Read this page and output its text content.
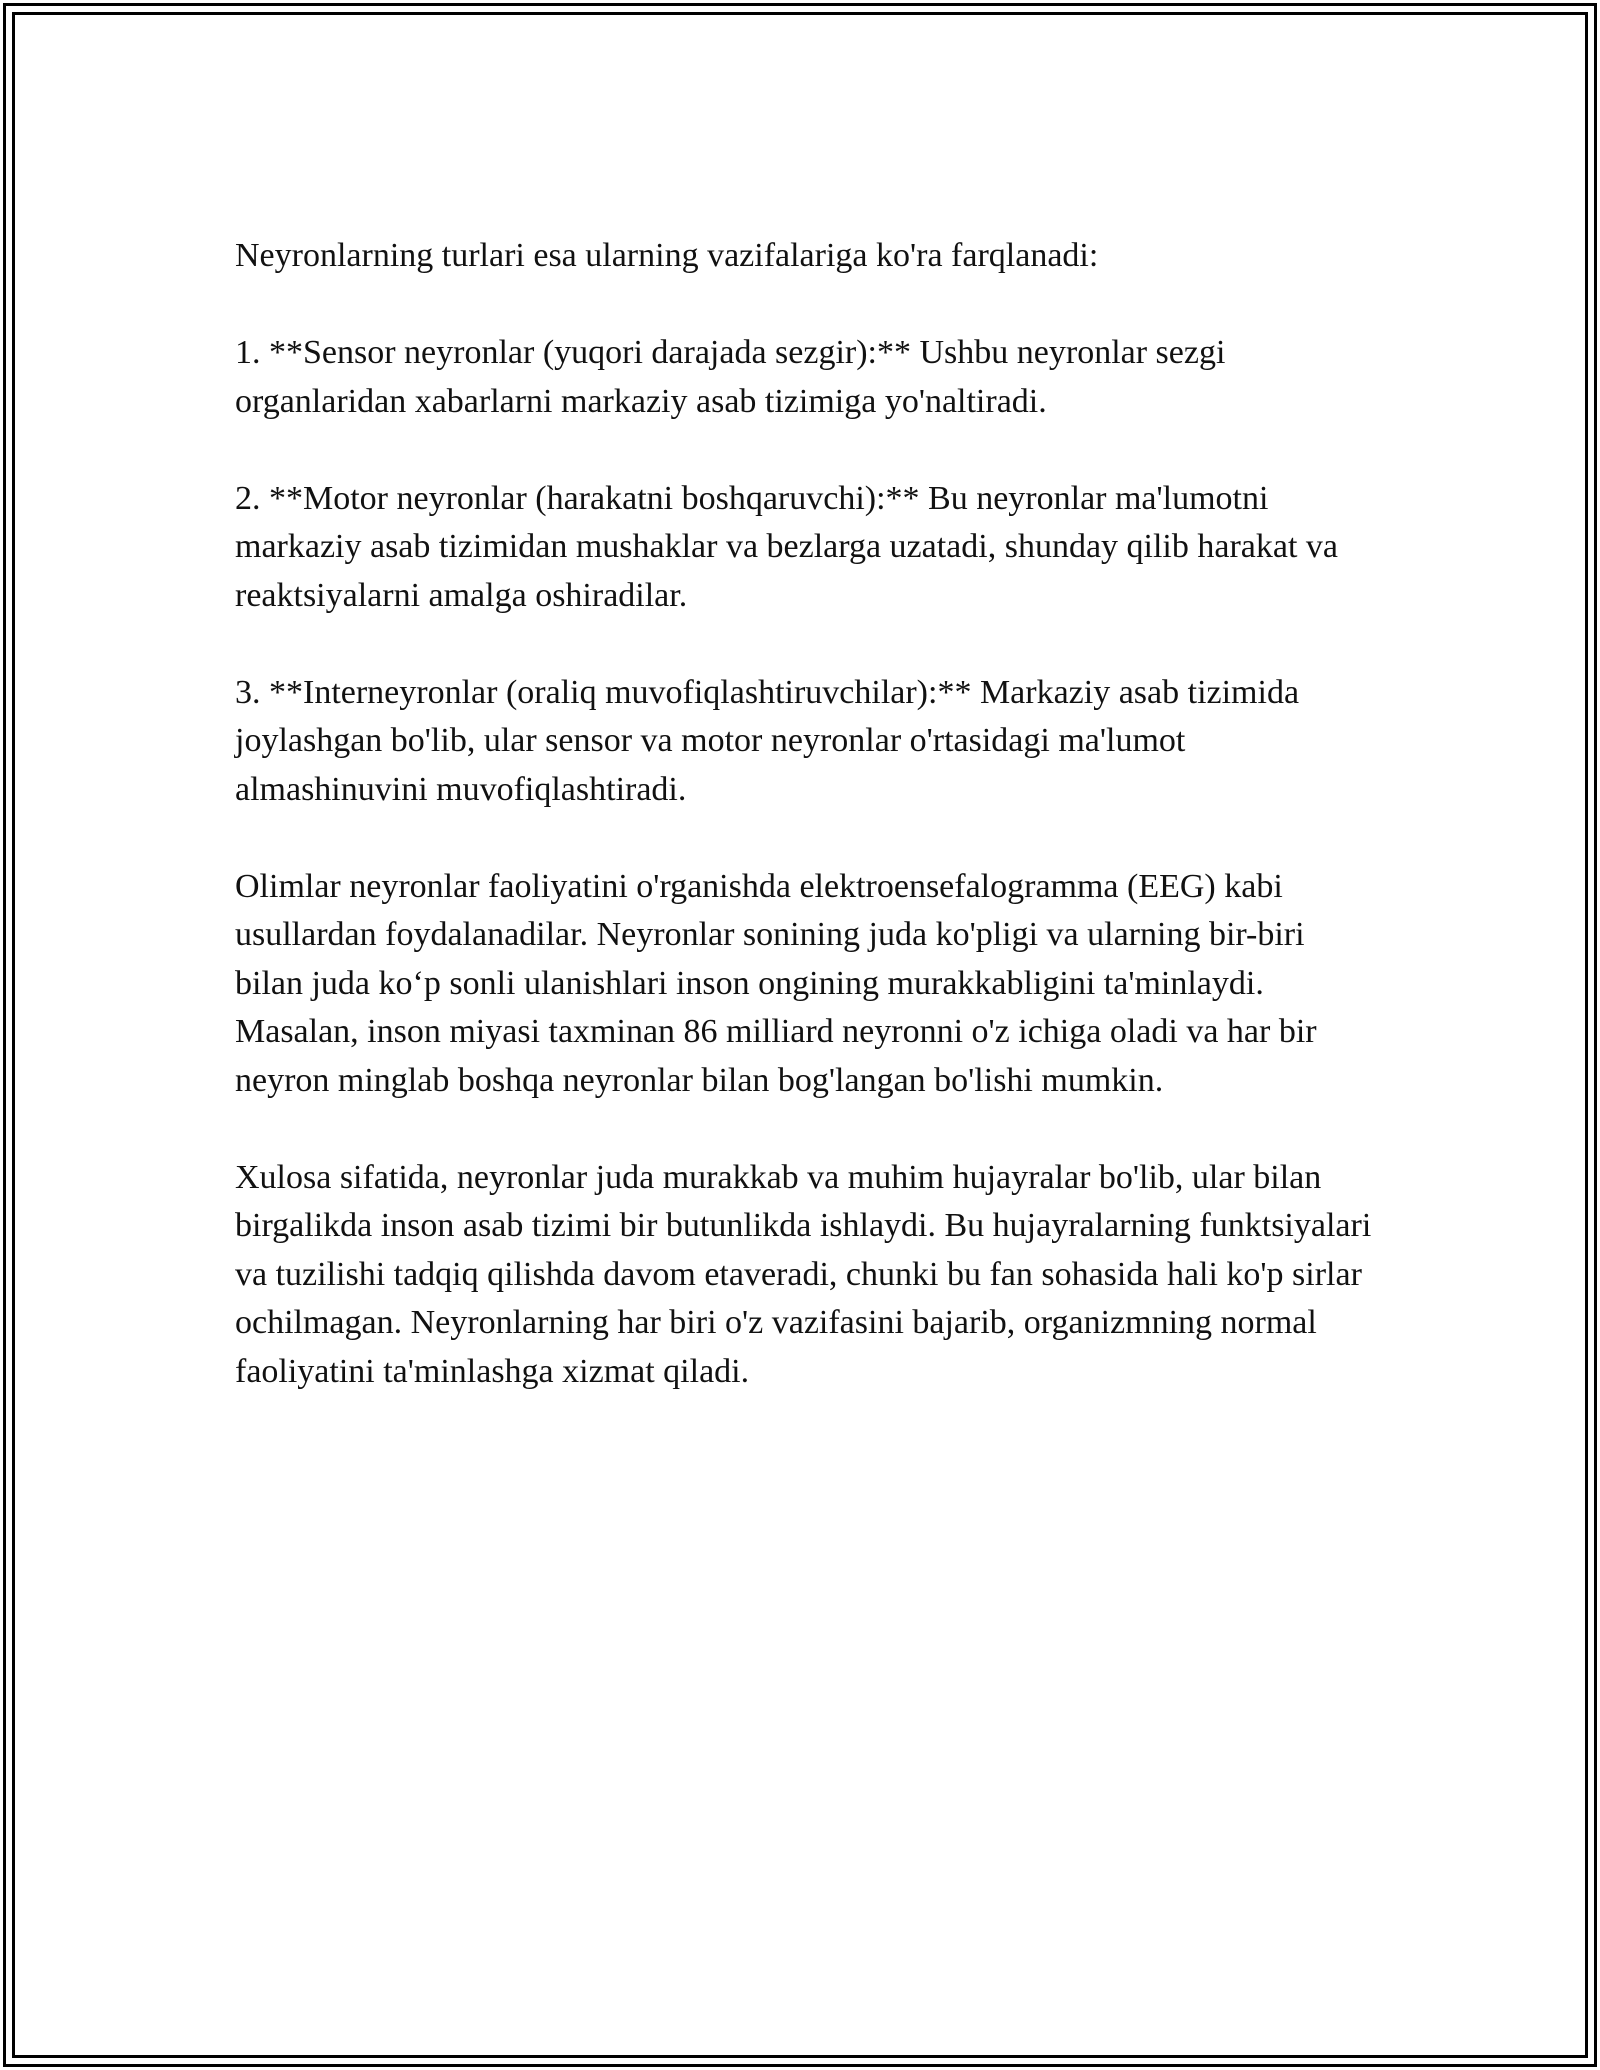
Neyronlarning turlari esa ularning vazifalariga ko'ra farqlanadi:

1. **Sensor neyronlar (yuqori darajada sezgir):** Ushbu neyronlar sezgi organlaridan xabarlarni markaziy asab tizimiga yo'naltiradi.

2. **Motor neyronlar (harakatni boshqaruvchi):** Bu neyronlar ma'lumotni markaziy asab tizimidan mushaklar va bezlarga uzatadi, shunday qilib harakat va reaktsiyalarni amalga oshiradilar.

3. **Interneyronlar (oraliq muvofiqlashtiruvchilar):** Markaziy asab tizimida joylashgan bo'lib, ular sensor va motor neyronlar o'rtasidagi ma'lumot almashinuvini muvofiqlashtiradi.

Olimlar neyronlar faoliyatini o'rganishda elektroensefalogramma (EEG) kabi usullardan foydalanadilar. Neyronlar sonining juda ko'pligi va ularning bir-biri bilan juda ko‘p sonli ulanishlari inson ongining murakkabligini ta'minlaydi. Masalan, inson miyasi taxminan 86 milliard neyronni o'z ichiga oladi va har bir neyron minglab boshqa neyronlar bilan bog'langan bo'lishi mumkin.

Xulosa sifatida, neyronlar juda murakkab va muhim hujayralar bo'lib, ular bilan birgalikda inson asab tizimi bir butunlikda ishlaydi. Bu hujayralarning funktsiyalari va tuzilishi tadqiq qilishda davom etaveradi, chunki bu fan sohasida hali ko'p sirlar ochilmagan. Neyronlarning har biri o'z vazifasini bajarib, organizmning normal faoliyatini ta'minlashga xizmat qiladi.
